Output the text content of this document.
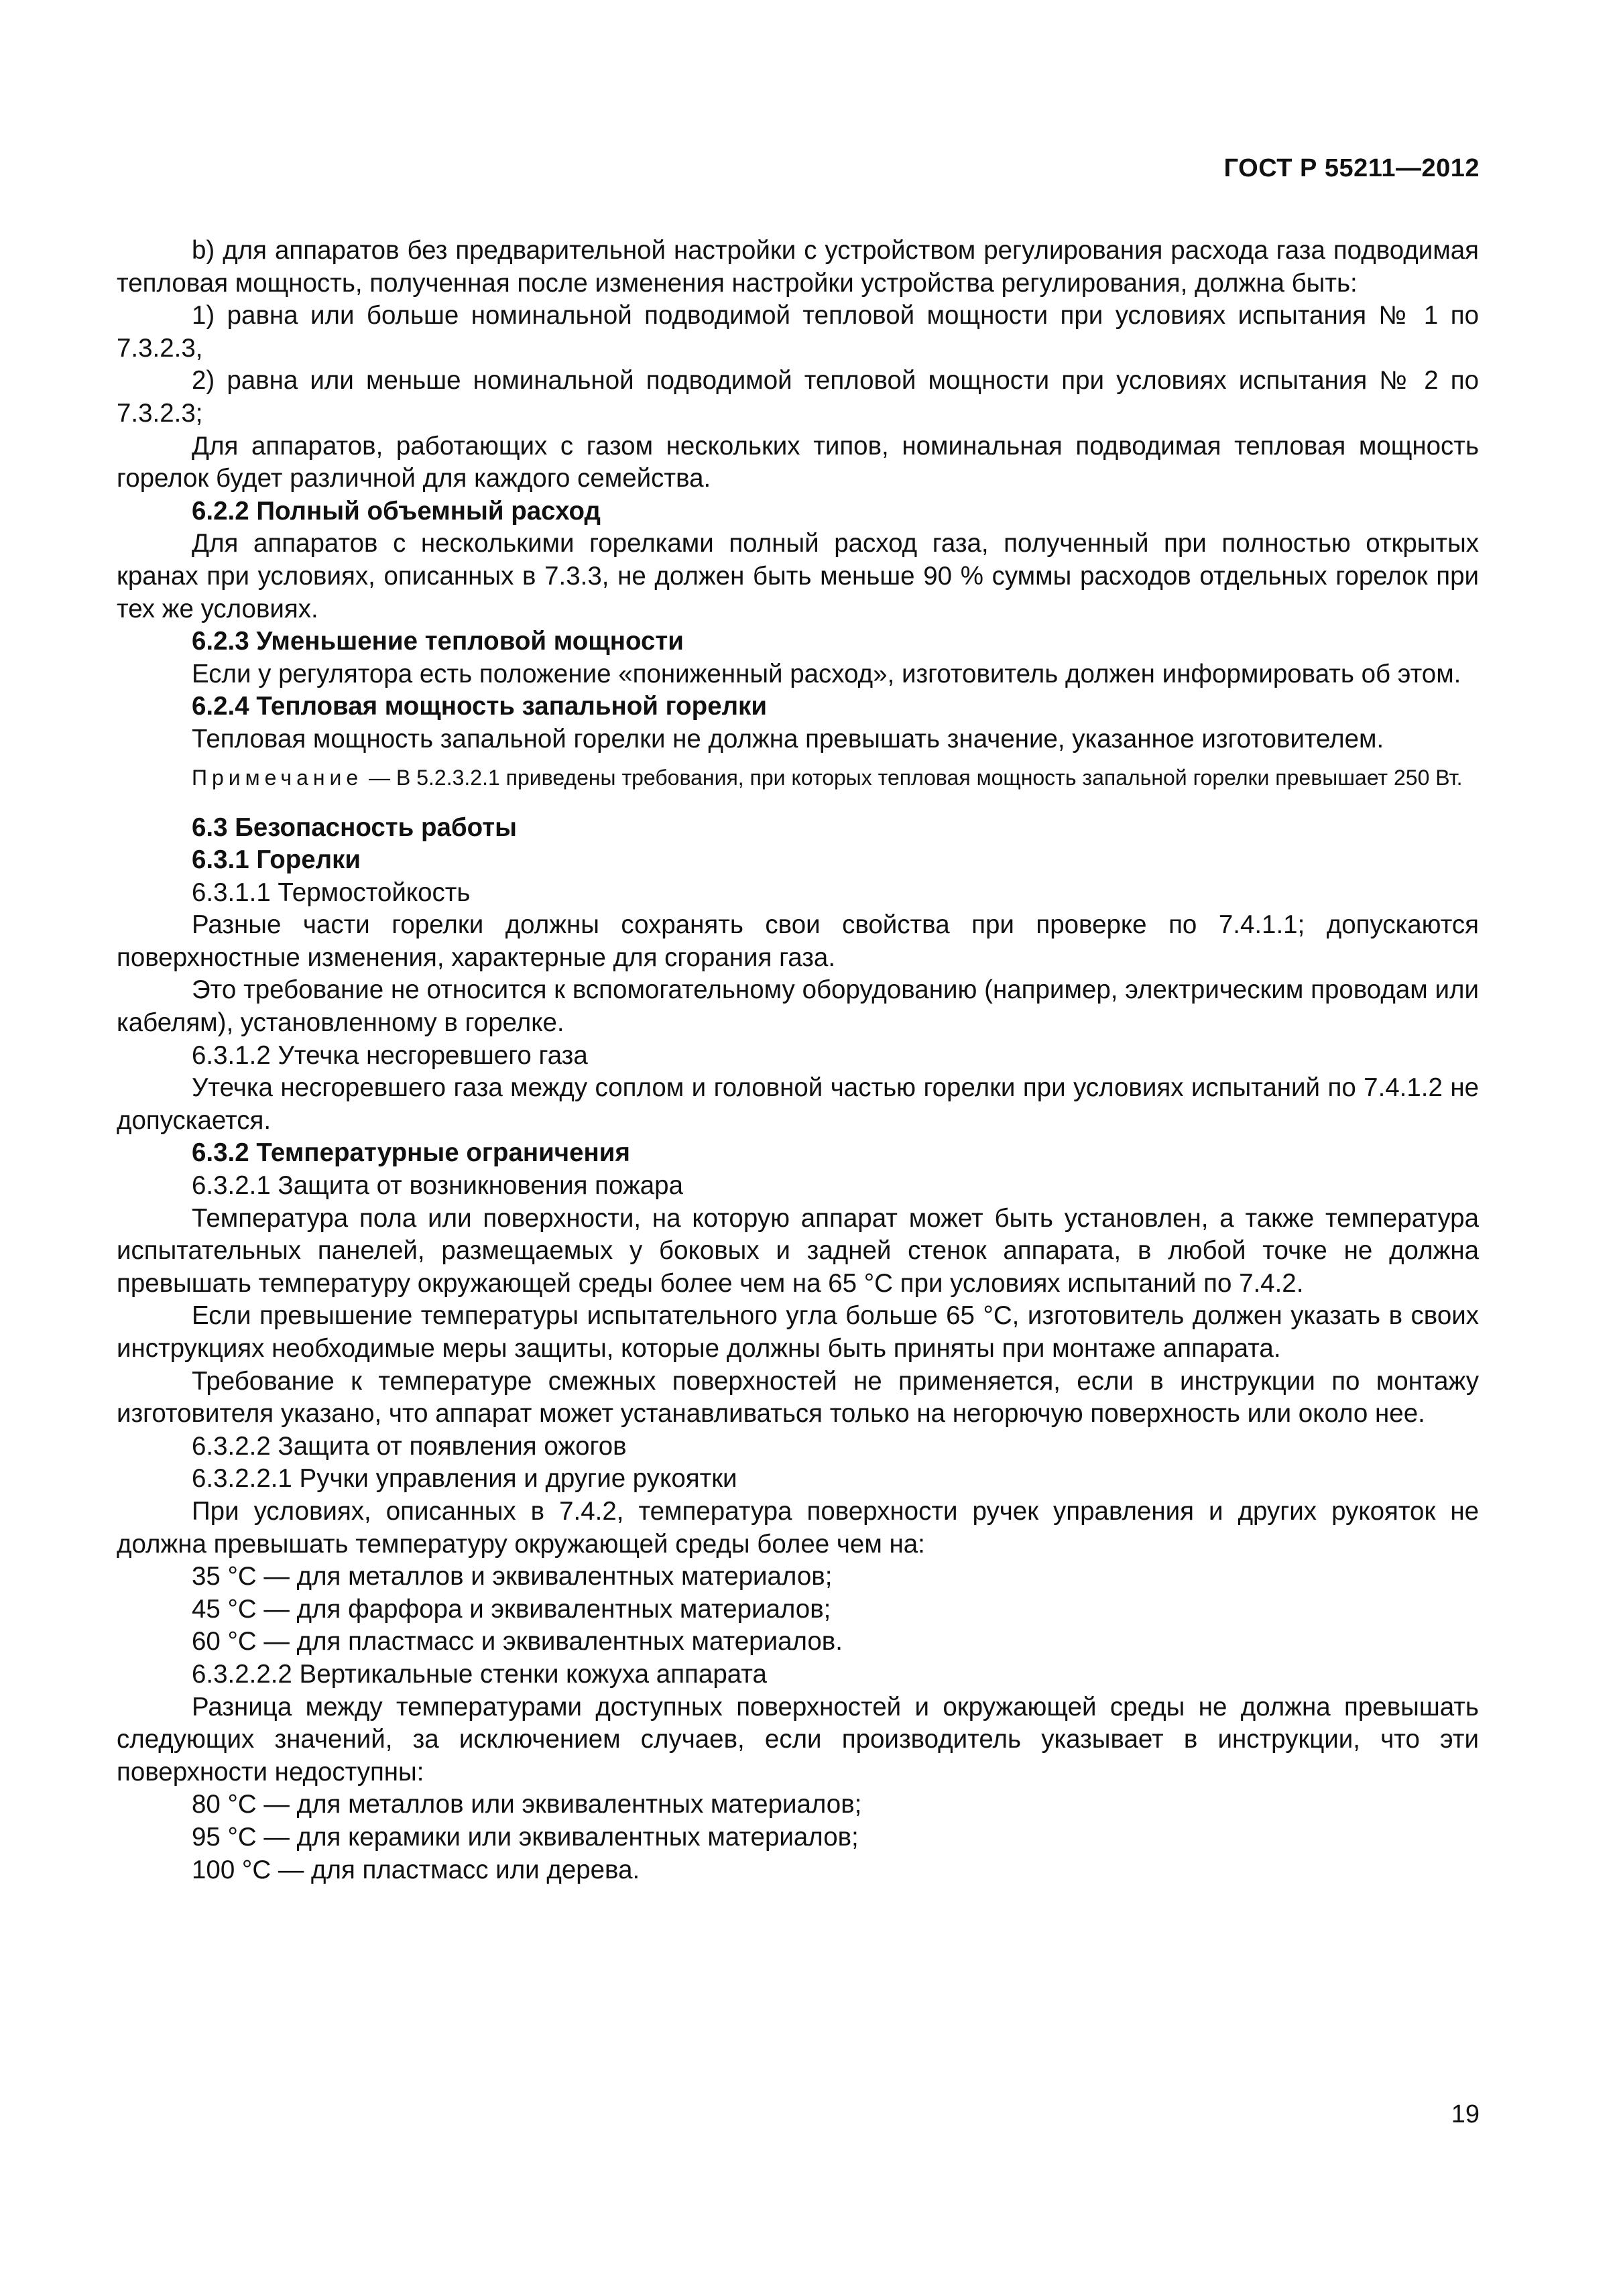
ГОСТ Р 55211—2012

b) для аппаратов без предварительной настройки с устройством регулирования расхода газа подводимая тепловая мощность, полученная после изменения настройки устройства регулирования, должна быть:

1) равна или больше номинальной подводимой тепловой мощности при условиях испытания № 1 по 7.3.2.3,

2) равна или меньше номинальной подводимой тепловой мощности при условиях испытания № 2 по 7.3.2.3;

Для аппаратов, работающих с газом нескольких типов, номинальная подводимая тепловая мощность горелок будет различной для каждого семейства.

6.2.2 Полный объемный расход

Для аппаратов с несколькими горелками полный расход газа, полученный при полностью открытых кранах при условиях, описанных в 7.3.3, не должен быть меньше 90 % суммы расходов отдельных горелок при тех же условиях.

6.2.3 Уменьшение тепловой мощности

Если у регулятора есть положение «пониженный расход», изготовитель должен информировать об этом.

6.2.4 Тепловая мощность запальной горелки

Тепловая мощность запальной горелки не должна превышать значение, указанное изготовителем.

Примечание — В 5.2.3.2.1 приведены требования, при которых тепловая мощность запальной горелки превышает 250 Вт.

6.3 Безопасность работы

6.3.1 Горелки

6.3.1.1 Термостойкость

Разные части горелки должны сохранять свои свойства при проверке по 7.4.1.1; допускаются поверхностные изменения, характерные для сгорания газа.

Это требование не относится к вспомогательному оборудованию (например, электрическим проводам или кабелям), установленному в горелке.

6.3.1.2 Утечка несгоревшего газа

Утечка несгоревшего газа между соплом и головной частью горелки при условиях испытаний по 7.4.1.2 не допускается.

6.3.2 Температурные ограничения

6.3.2.1 Защита от возникновения пожара

Температура пола или поверхности, на которую аппарат может быть установлен, а также температура испытательных панелей, размещаемых у боковых и задней стенок аппарата, в любой точке не должна превышать температуру окружающей среды более чем на 65 °С при условиях испытаний по 7.4.2.

Если превышение температуры испытательного угла больше 65 °С, изготовитель должен указать в своих инструкциях необходимые меры защиты, которые должны быть приняты при монтаже аппарата.

Требование к температуре смежных поверхностей не применяется, если в инструкции по монтажу изготовителя указано, что аппарат может устанавливаться только на негорючую поверхность или около нее.

6.3.2.2 Защита от появления ожогов

6.3.2.2.1 Ручки управления и другие рукоятки

При условиях, описанных в 7.4.2, температура поверхности ручек управления и других рукояток не должна превышать температуру окружающей среды более чем на:

35 °С — для металлов и эквивалентных материалов;

45 °С — для фарфора и эквивалентных материалов;

60 °С — для пластмасс и эквивалентных материалов.

6.3.2.2.2 Вертикальные стенки кожуха аппарата

Разница между температурами доступных поверхностей и окружающей среды не должна превышать следующих значений, за исключением случаев, если производитель указывает в инструкции, что эти поверхности недоступны:

80 °С — для металлов или эквивалентных материалов;

95 °С — для керамики или эквивалентных материалов;

100 °С — для пластмасс или дерева.

19
